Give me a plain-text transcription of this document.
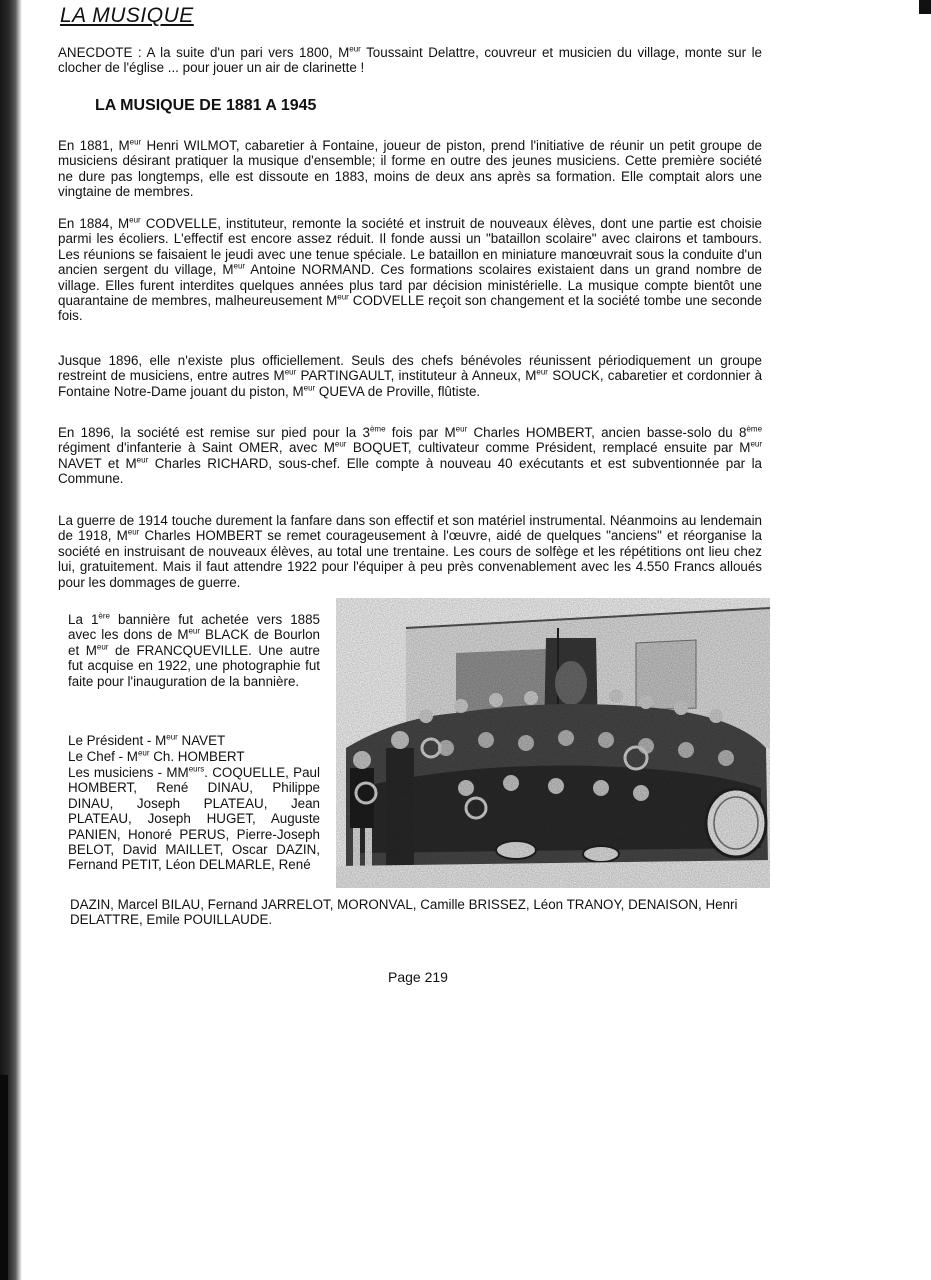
LA MUSIQUE

ANECDOTE : A la suite d'un pari vers 1800, $M^{eur}$ Toussaint Delattre, couvreur et musicien du village, monte sur le clocher de l'église ... pour jouer un air de clarinette !

LA MUSIQUE DE 1881 A 1945

En 1881, $M^{eur}$ Henri WILMOT, cabaretier à Fontaine, joueur de piston, prend l'initiative de réunir un petit groupe de musiciens désirant pratiquer la musique d'ensemble; il forme en outre des jeunes musiciens. Cette première société ne dure pas longtemps, elle est dissoute en 1883, moins de deux ans après sa formation. Elle comptait alors une vingtaine de membres.

En 1884, $M^{eur}$ CODVELLE, instituteur, remonte la société et instruit de nouveaux élèves, dont une partie est choisie parmi les écoliers. L'effectif est encore assez réduit. Il fonde aussi un "bataillon scolaire" avec clairons et tambours. Les réunions se faisaient le jeudi avec une tenue spéciale. Le bataillon en miniature manœuvrait sous la conduite d'un ancien sergent du village, $M^{eur}$ Antoine NORMAND. Ces formations scolaires existaient dans un grand nombre de village. Elles furent interdites quelques années plus tard par décision ministérielle. La musique compte bientôt une quarantaine de membres, malheureusement $M^{eur}$ CODVELLE reçoit son changement et la société tombe une seconde fois.

Jusque 1896, elle n'existe plus officiellement. Seuls des chefs bénévoles réunissent périodiquement un groupe restreint de musiciens, entre autres $M^{eur}$ PARTINGAULT, instituteur à Anneux, $M^{eur}$ SOUCK, cabaretier et cordonnier à Fontaine Notre-Dame jouant du piston, $M^{eur}$ QUEVA de Proville, flûtiste.

En 1896, la société est remise sur pied pour la 3ème fois par $M^{eur}$ Charles HOMBERT, ancien basse-solo du 8ème régiment d'infanterie à Saint OMER, avec $M^{eur}$ BOQUET, cultivateur comme Président, remplacé ensuite par $M^{eur}$ NAVET et $M^{eur}$ Charles RICHARD, sous-chef. Elle compte à nouveau 40 exécutants et est subventionnée par la Commune.

La guerre de 1914 touche durement la fanfare dans son effectif et son matériel instrumental. Néanmoins au lendemain de 1918, $M^{eur}$ Charles HOMBERT se remet courageusement à l'œuvre, aidé de quelques "anciens" et réorganise la société en instruisant de nouveaux élèves, au total une trentaine. Les cours de solfège et les répétitions ont lieu chez lui, gratuitement. Mais il faut attendre 1922 pour l'équiper à peu près convenablement avec les 4.550 Francs alloués pour les dommages de guerre.

La 1ère bannière fut achetée vers 1885 avec les dons de $M^{eur}$ BLACK de Bourlon et $M^{eur}$ de FRANCQUEVILLE. Une autre fut acquise en 1922, une photographie fut faite pour l'inauguration de la bannière.

Le Président - $M^{eur}$ NAVET

Le Chef - $M^{eur}$ Ch. HOMBERT

Les musiciens - $MM^{eurs}$. COQUELLE, Paul HOMBERT, René DINAU, Philippe DINAU, Joseph PLATEAU, Jean PLATEAU, Joseph HUGET, Auguste PANIEN, Honoré PERUS, Pierre-Joseph BELOT, David MAILLET, Oscar DAZIN, Fernand PETIT, Léon DELMARLE, René

DAZIN, Marcel BILAU, Fernand JARRELOT, MORONVAL, Camille BRISSEZ, Léon TRANOY, DENAISON, Henri DELATTRE, Emile POUILLAUDE.

Page 219
